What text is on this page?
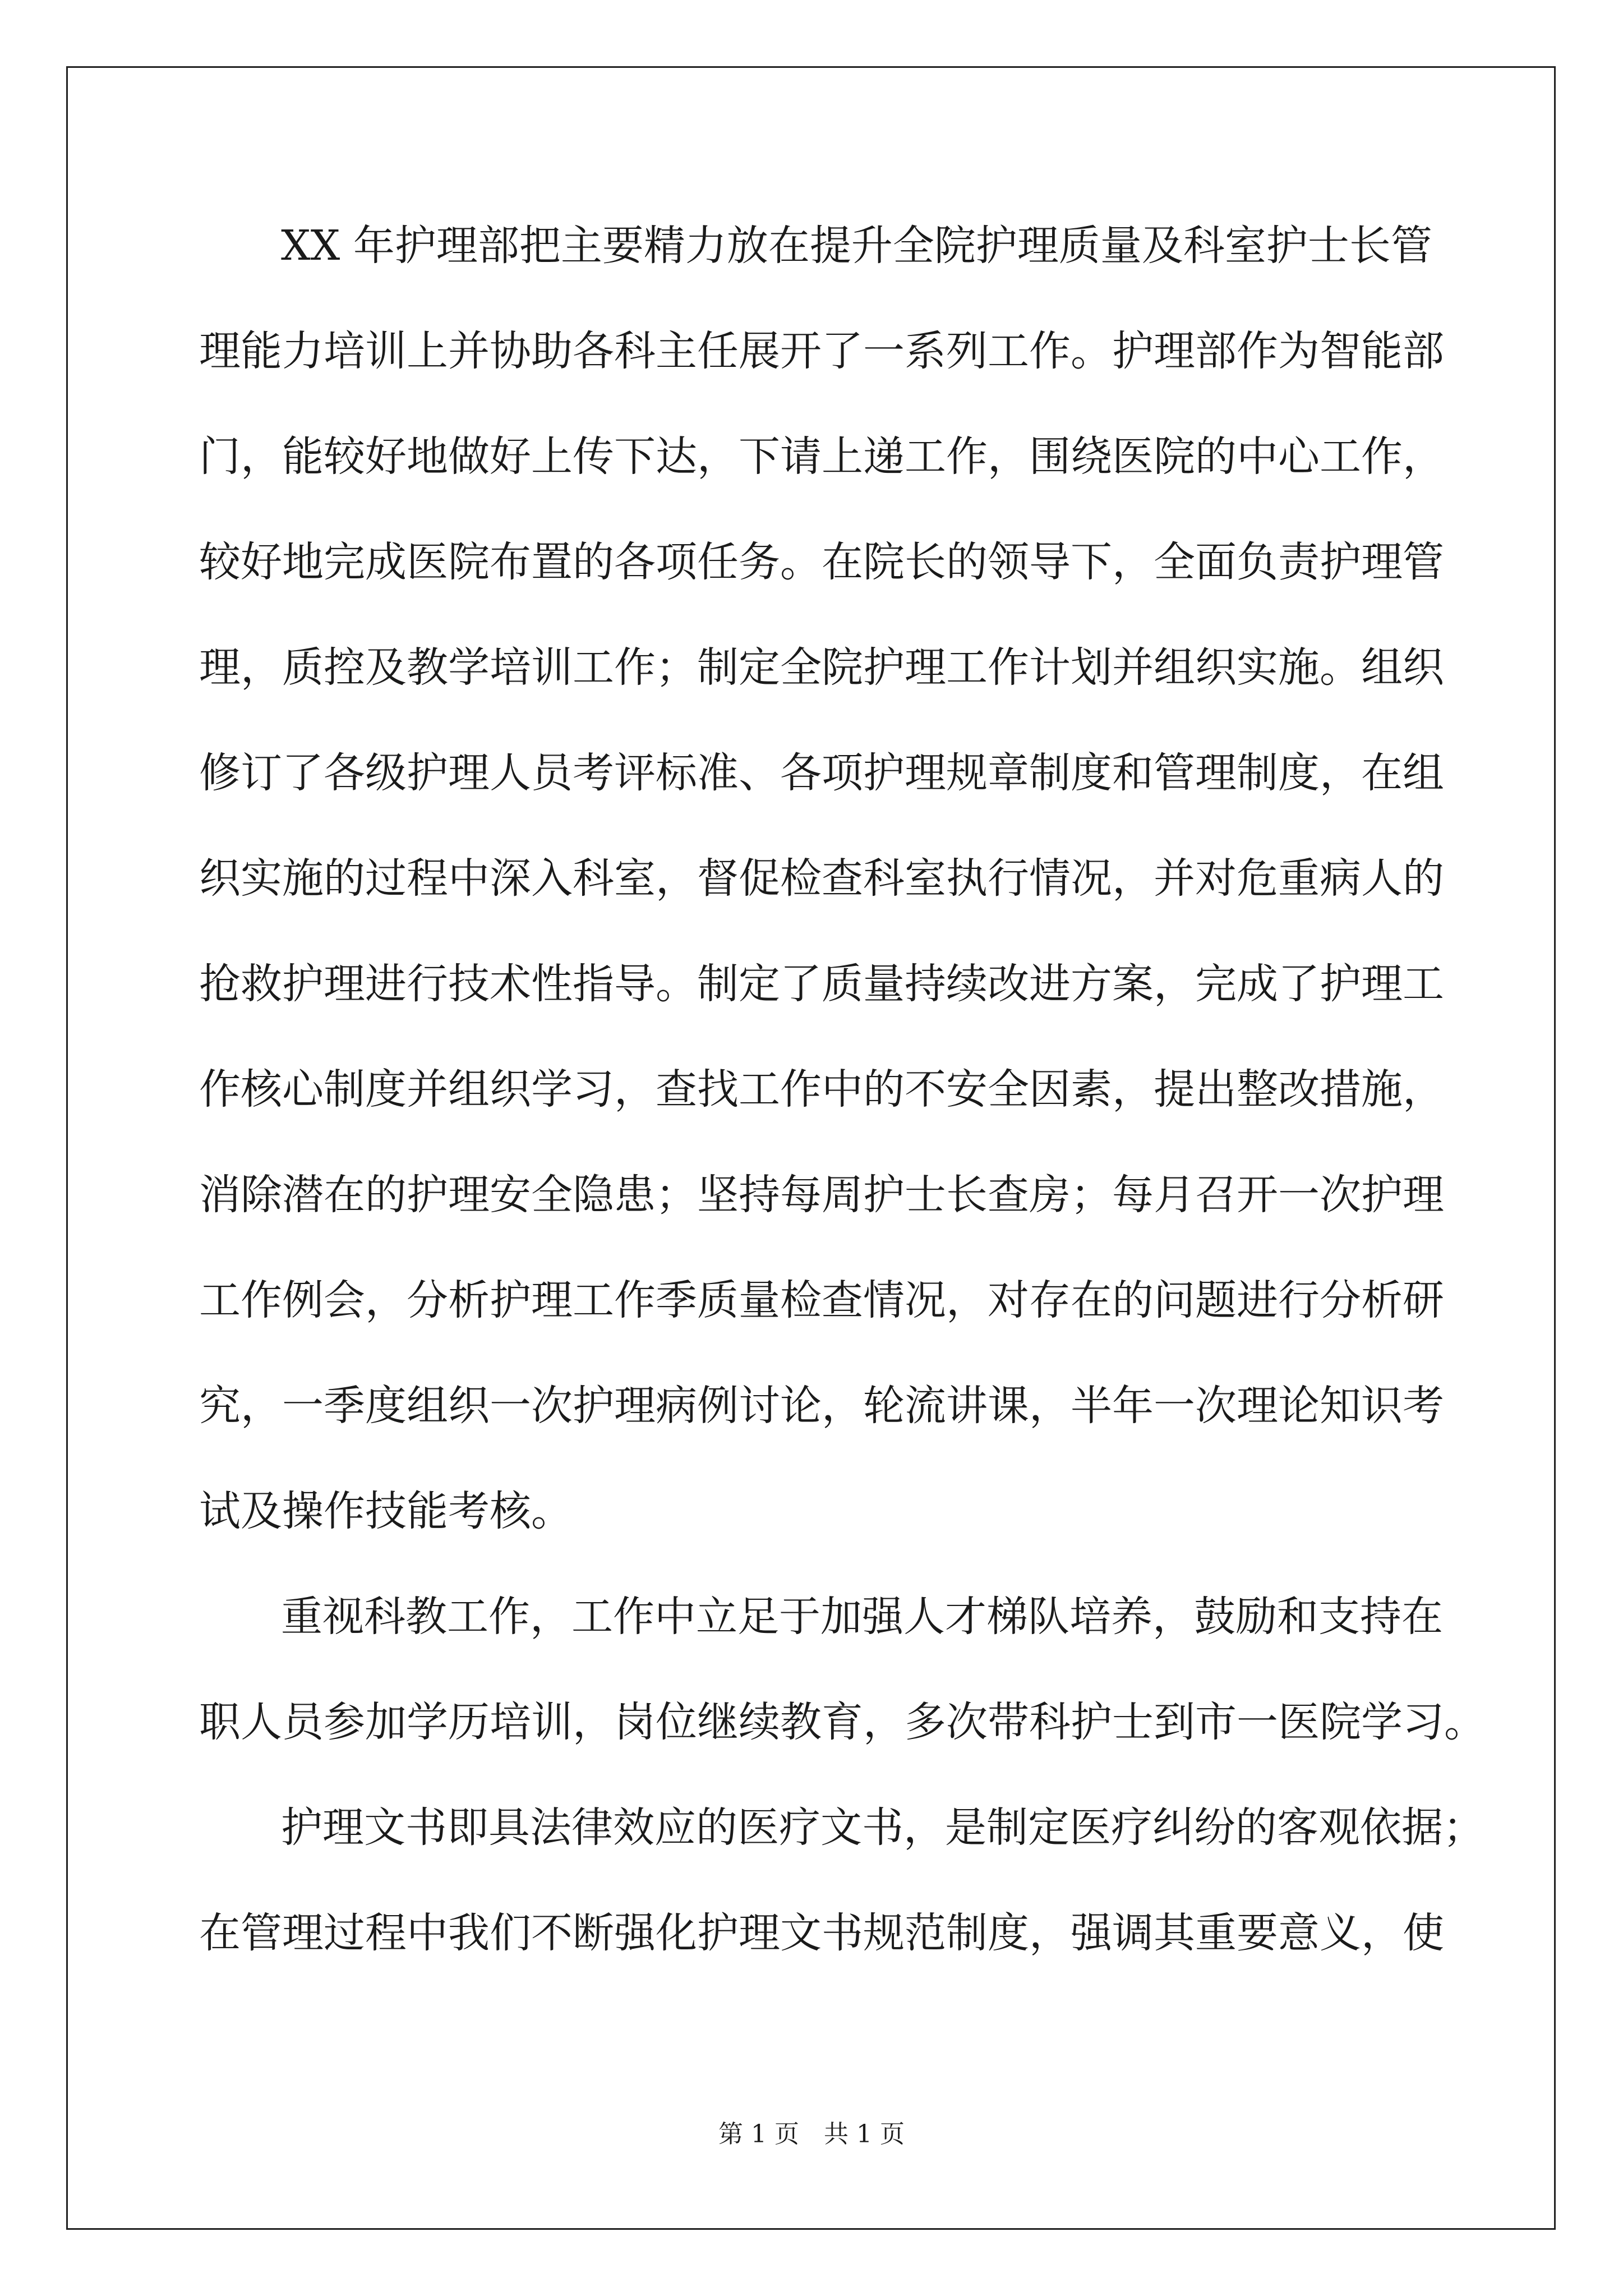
XX 年护理部把主要精力放在提升全院护理质量及科室护士长管
理能力培训上并协助各科主任展开了一系列工作。护理部作为智能部
门，能较好地做好上传下达，下请上递工作，围绕医院的中心工作，
较好地完成医院布置的各项任务。在院长的领导下，全面负责护理管
理，质控及教学培训工作；制定全院护理工作计划并组织实施。组织
修订了各级护理人员考评标准、各项护理规章制度和管理制度，在组
织实施的过程中深入科室，督促检查科室执行情况，并对危重病人的
抢救护理进行技术性指导。制定了质量持续改进方案，完成了护理工
作核心制度并组织学习，查找工作中的不安全因素，提出整改措施，
消除潜在的护理安全隐患；坚持每周护士长查房；每月召开一次护理
工作例会，分析护理工作季质量检查情况，对存在的问题进行分析研
究，一季度组织一次护理病例讨论，轮流讲课，半年一次理论知识考
试及操作技能考核。
重视科教工作，工作中立足于加强人才梯队培养，鼓励和支持在
职人员参加学历培训，岗位继续教育，多次带科护士到市一医院学习。
护理文书即具法律效应的医疗文书，是制定医疗纠纷的客观依据；
在管理过程中我们不断强化护理文书规范制度，强调其重要意义，使
第 1 页　共 1 页
